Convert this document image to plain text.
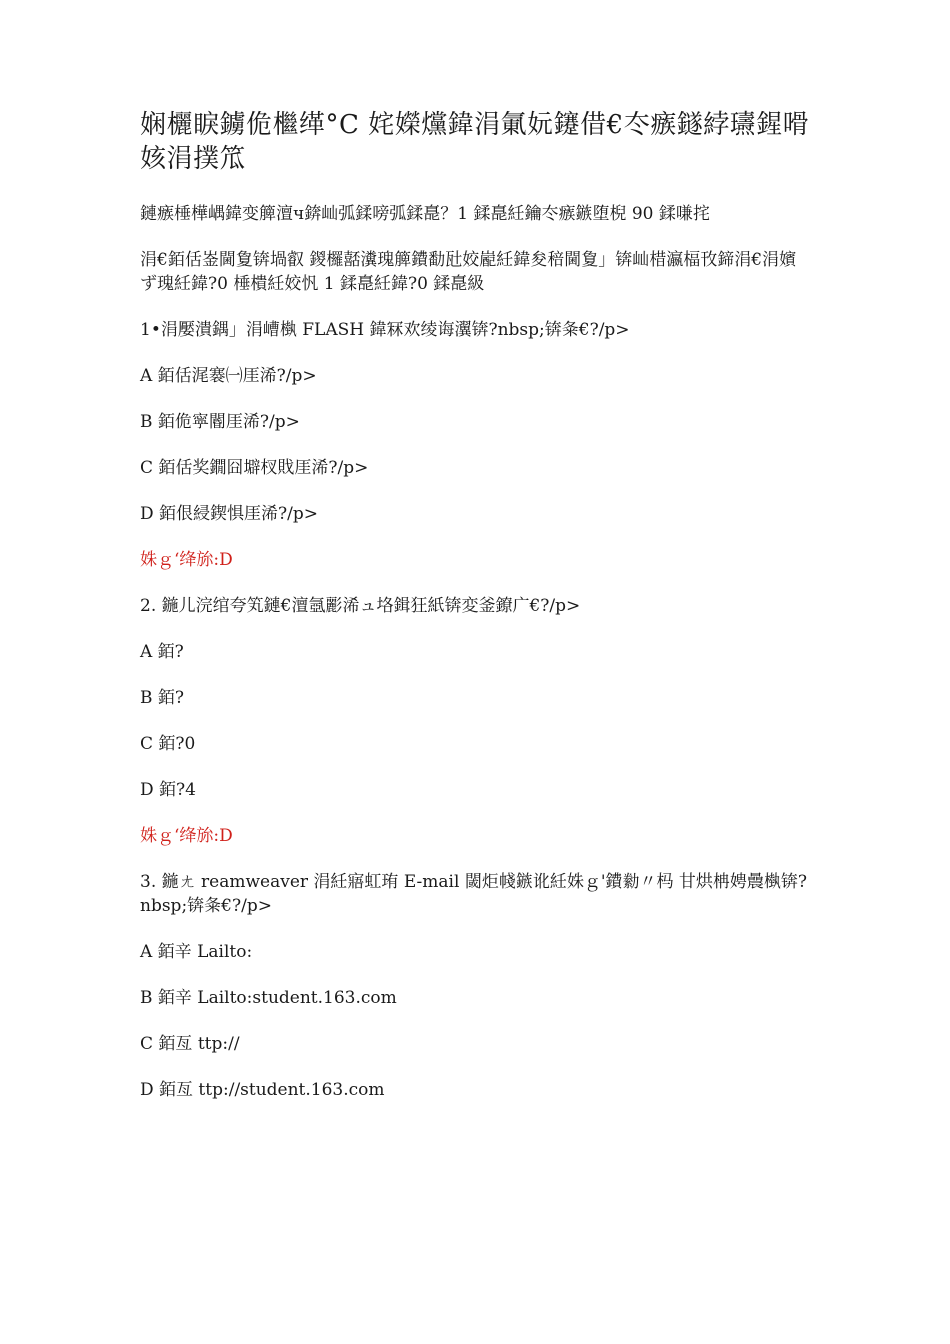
娴欐睙鐪佹檵缂°C 姹嬫爣鍏涓氭妧鑳借€冭瘯鐩綍瓙鍟嗗姟涓撲笟

鏈瘯棰樺嵎鍏变簲澶ч錛屾弧鍒嗙弧鍒嗭？1 鍒嗭紝鑰冭瘯鏃堕棿 90 鍒嗛挓

涓€銆佸崟閫夐锛堝叡 鍐欏嚭瀵瑰簲鐨勫瓧姣嶏紝鍏夋稖閫夐」锛屾棤瀛楅攼鍗涓€涓嬪ず瑰紝鍏?0 棰樻紝姣忛 1 鍒嗭紝鍏?0 鍒嗭級

1•涓嬮潰鍝」涓嶆槸 FLASH 鍏冧欢绫诲瀷锛?nbsp;锛夈€?/p>

A 銆佸浘褰㈠厓浠?/p>

B 銆佹寜閽厓浠?/p>

C 銆佸奖鐗囧壀杈戝厓浠?/p>

D 銆佷綅鍥惧厓浠?/p>

姝ｇ‘绛旀:D

2. 鍦儿浣绾夸笂鏈€澶氬彲浠ュ垎鍓狂紙锛変釜鐐广€?/p>

A 銆?

B 銆?

C 銆?0

D 銆?4

姝ｇ‘绛旀:D

3. 鍦ㄤ reamweaver 涓紝寤虹珛 E-mail 閾炬帴鏃讹紝姝ｇ'鐨勬〃杩 甘烘柟娉曟槸锛?nbsp;锛夈€?/p>

A 銆辛 Lailto:

B 銆辛 Lailto:student.163.com

C 銆亙 ttp://

D 銆亙 ttp://student.163.com
